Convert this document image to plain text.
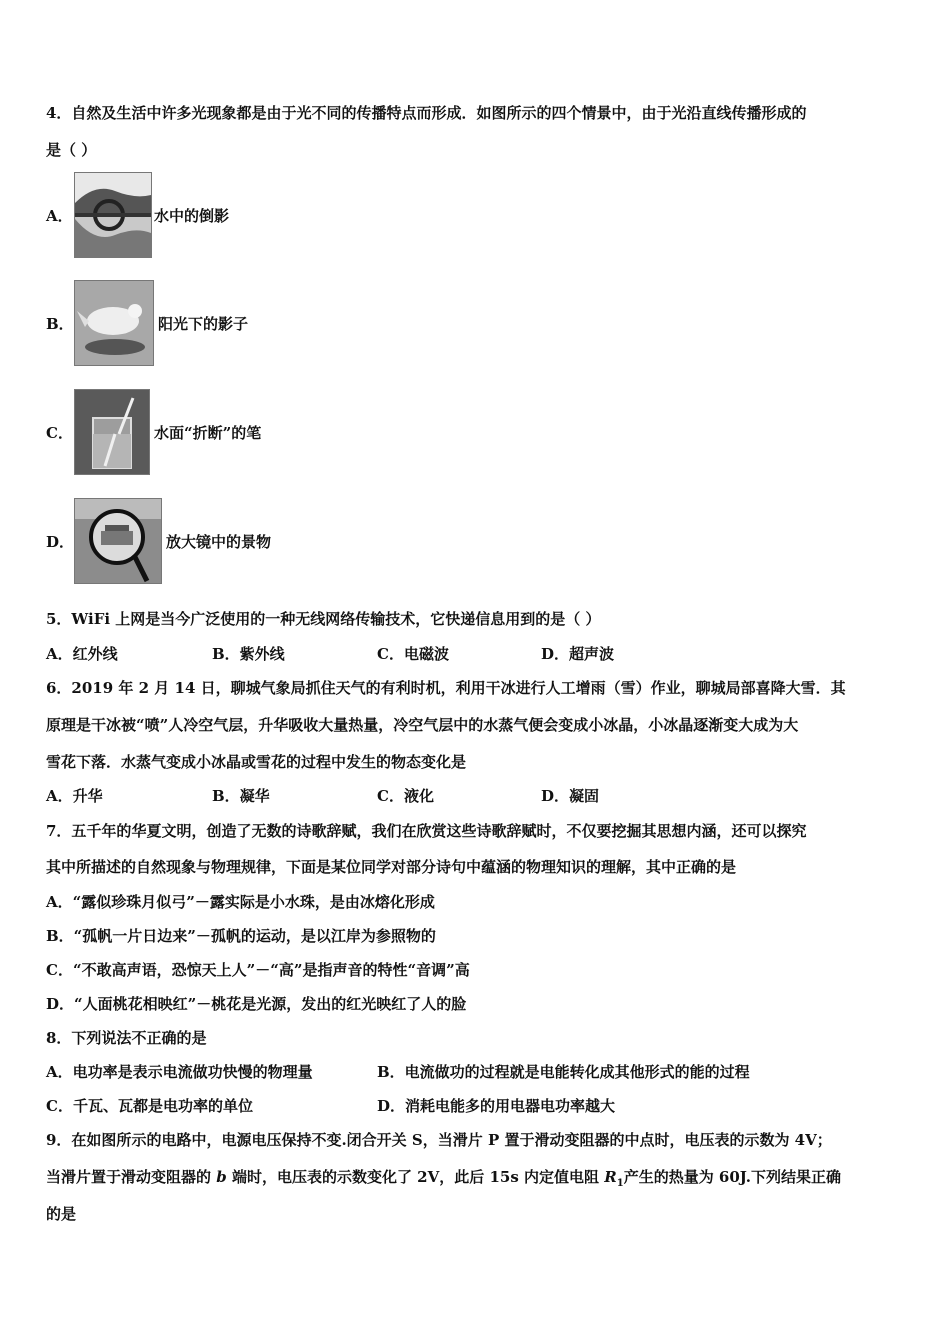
4．自然及生活中许多光现象都是由于光不同的传播特点而形成．如图所示的四个情景中，由于光沿直线传播形成的
是（ ）
A．	水中的倒影
B．	阳光下的影子
C．	水面“折断”的笔
D．	放大镜中的景物
5．WiFi 上网是当今广泛使用的一种无线网络传输技术，它快递信息用到的是（ ）
A．红外线	B．紫外线	C．电磁波	D．超声波
6．2019 年 2 月 14 日，聊城气象局抓住天气的有利时机，利用干冰进行人工增雨（雪）作业，聊城局部喜降大雪．其
原理是干冰被“喷”人冷空气层，升华吸收大量热量，冷空气层中的水蒸气便会变成小冰晶，小冰晶逐渐变大成为大
雪花下落．水蒸气变成小冰晶或雪花的过程中发生的物态变化是
A．升华	B．凝华	C．液化	D．凝固
7．五千年的华夏文明，创造了无数的诗歌辞赋，我们在欣赏这些诗歌辞赋时，不仅要挖掘其思想内涵，还可以探究
其中所描述的自然现象与物理规律，下面是某位同学对部分诗句中蕴涵的物理知识的理解，其中正确的是
A．“露似珍珠月似弓”－露实际是小水珠，是由冰熔化形成
B．“孤帆一片日边来”－孤帆的运动，是以江岸为参照物的
C．“不敢高声语，恐惊天上人”－“高”是指声音的特性“音调”高
D．“人面桃花相映红”－桃花是光源，发出的红光映红了人的脸
8．下列说法不正确的是
A．电功率是表示电流做功快慢的物理量	B．电流做功的过程就是电能转化成其他形式的能的过程
C．千瓦、瓦都是电功率的单位	D．消耗电能多的用电器电功率越大
9．在如图所示的电路中，电源电压保持不变.闭合开关 S，当滑片 P 置于滑动变阻器的中点时，电压表的示数为 4V；
当滑片置于滑动变阻器的 b 端时，电压表的示数变化了 2V，此后 15s 内定值电阻 $R_1$产生的热量为 60J.下列结果正确
的是
